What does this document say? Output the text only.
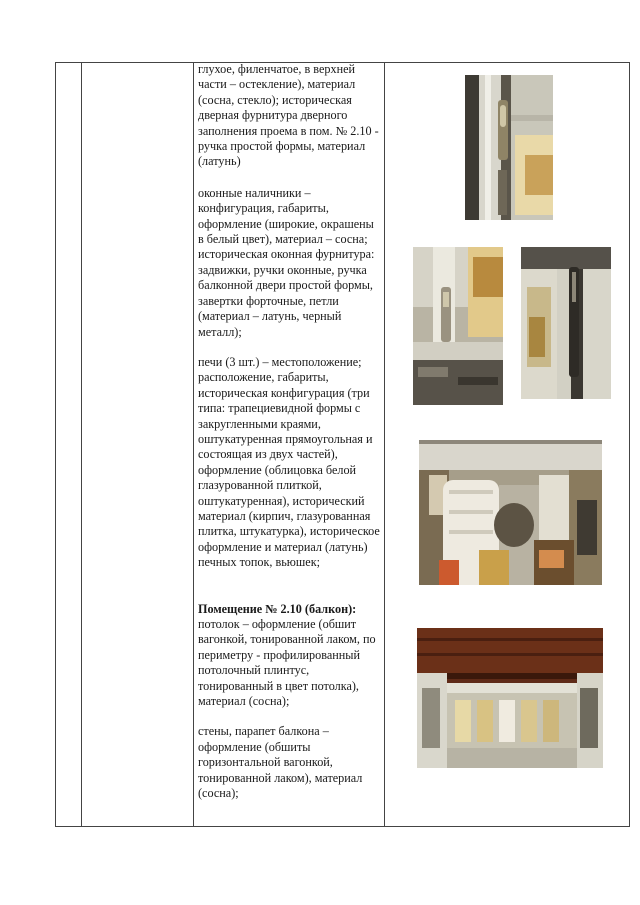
глухое, филенчатое, в верхней части – остекление), материал (сосна, стекло); историческая дверная фурнитура дверного заполнения проема в пом. № 2.10 - ручка простой формы, материал (латунь)

оконные наличники – конфигурация, габариты, оформление (широкие, окрашены в белый цвет), материал – сосна; историческая оконная фурнитура: задвижки, ручки оконные, ручка балконной двери простой формы, завертки форточные, петли (материал – латунь, черный металл);

печи (3 шт.) – местоположение; расположение, габариты, историческая конфигурация (три типа: трапециевидной формы с закругленными краями, оштукатуренная прямоугольная и состоящая из двух частей), оформление (облицовка белой глазурованной плиткой, оштукатуренная), исторический материал (кирпич, глазурованная плитка, штукатурка), историческое оформление и материал (латунь) печных топок, вьюшек;

Помещение № 2.10 (балкон):

потолок – оформление (обшит вагонкой, тонированной лаком, по периметру - профилированный потолочный плинтус, тонированный в цвет потолка), материал (сосна);

стены, парапет балкона – оформление (обшиты горизонтальной вагонкой, тонированной лаком), материал (сосна);
